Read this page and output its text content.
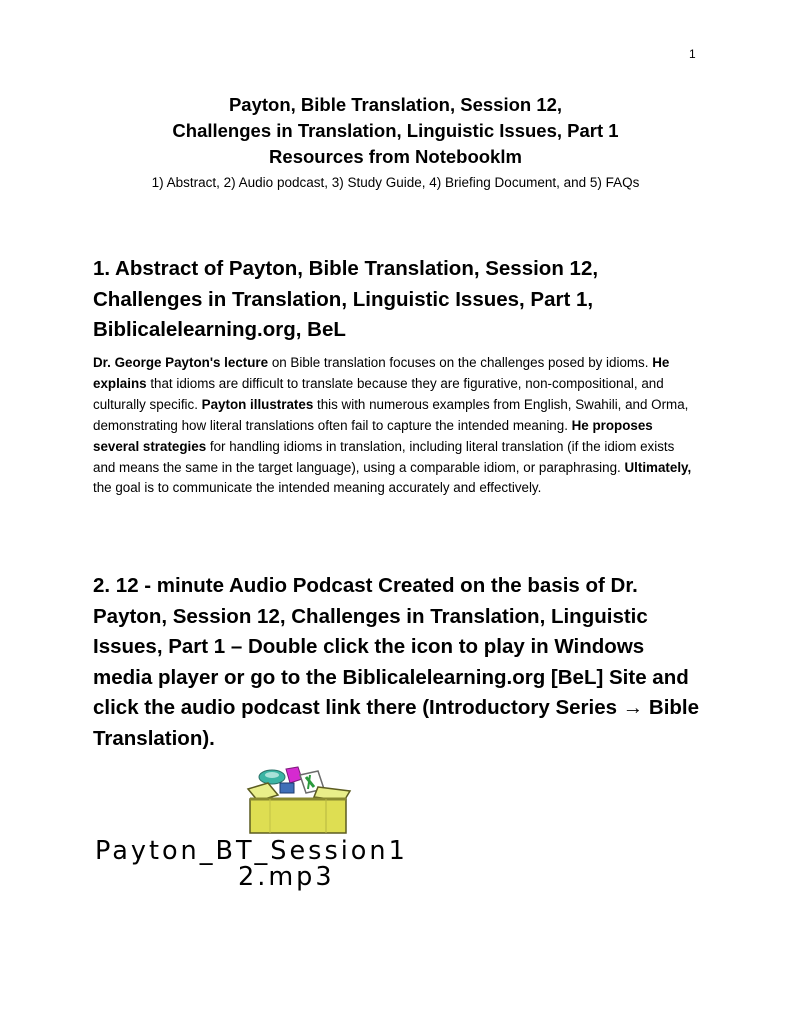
1
Payton, Bible Translation, Session 12,
Challenges in Translation, Linguistic Issues, Part 1
Resources from Notebooklm
1) Abstract, 2) Audio podcast, 3) Study Guide, 4) Briefing Document, and 5) FAQs
1. Abstract of Payton, Bible Translation, Session 12, Challenges in Translation, Linguistic Issues, Part 1, Biblicalelearning.org, BeL
Dr. George Payton's lecture on Bible translation focuses on the challenges posed by idioms. He explains that idioms are difficult to translate because they are figurative, non-compositional, and culturally specific. Payton illustrates this with numerous examples from English, Swahili, and Orma, demonstrating how literal translations often fail to capture the intended meaning. He proposes several strategies for handling idioms in translation, including literal translation (if the idiom exists and means the same in the target language), using a comparable idiom, or paraphrasing. Ultimately, the goal is to communicate the intended meaning accurately and effectively.
2. 12 - minute Audio Podcast Created on the basis of Dr. Payton, Session 12, Challenges in Translation, Linguistic Issues, Part 1 – Double click the icon to play in Windows media player or go to the Biblicalelearning.org [BeL] Site and click the audio podcast link there (Introductory Series → Bible Translation).
Payton_BT_Session1
2.mp3
